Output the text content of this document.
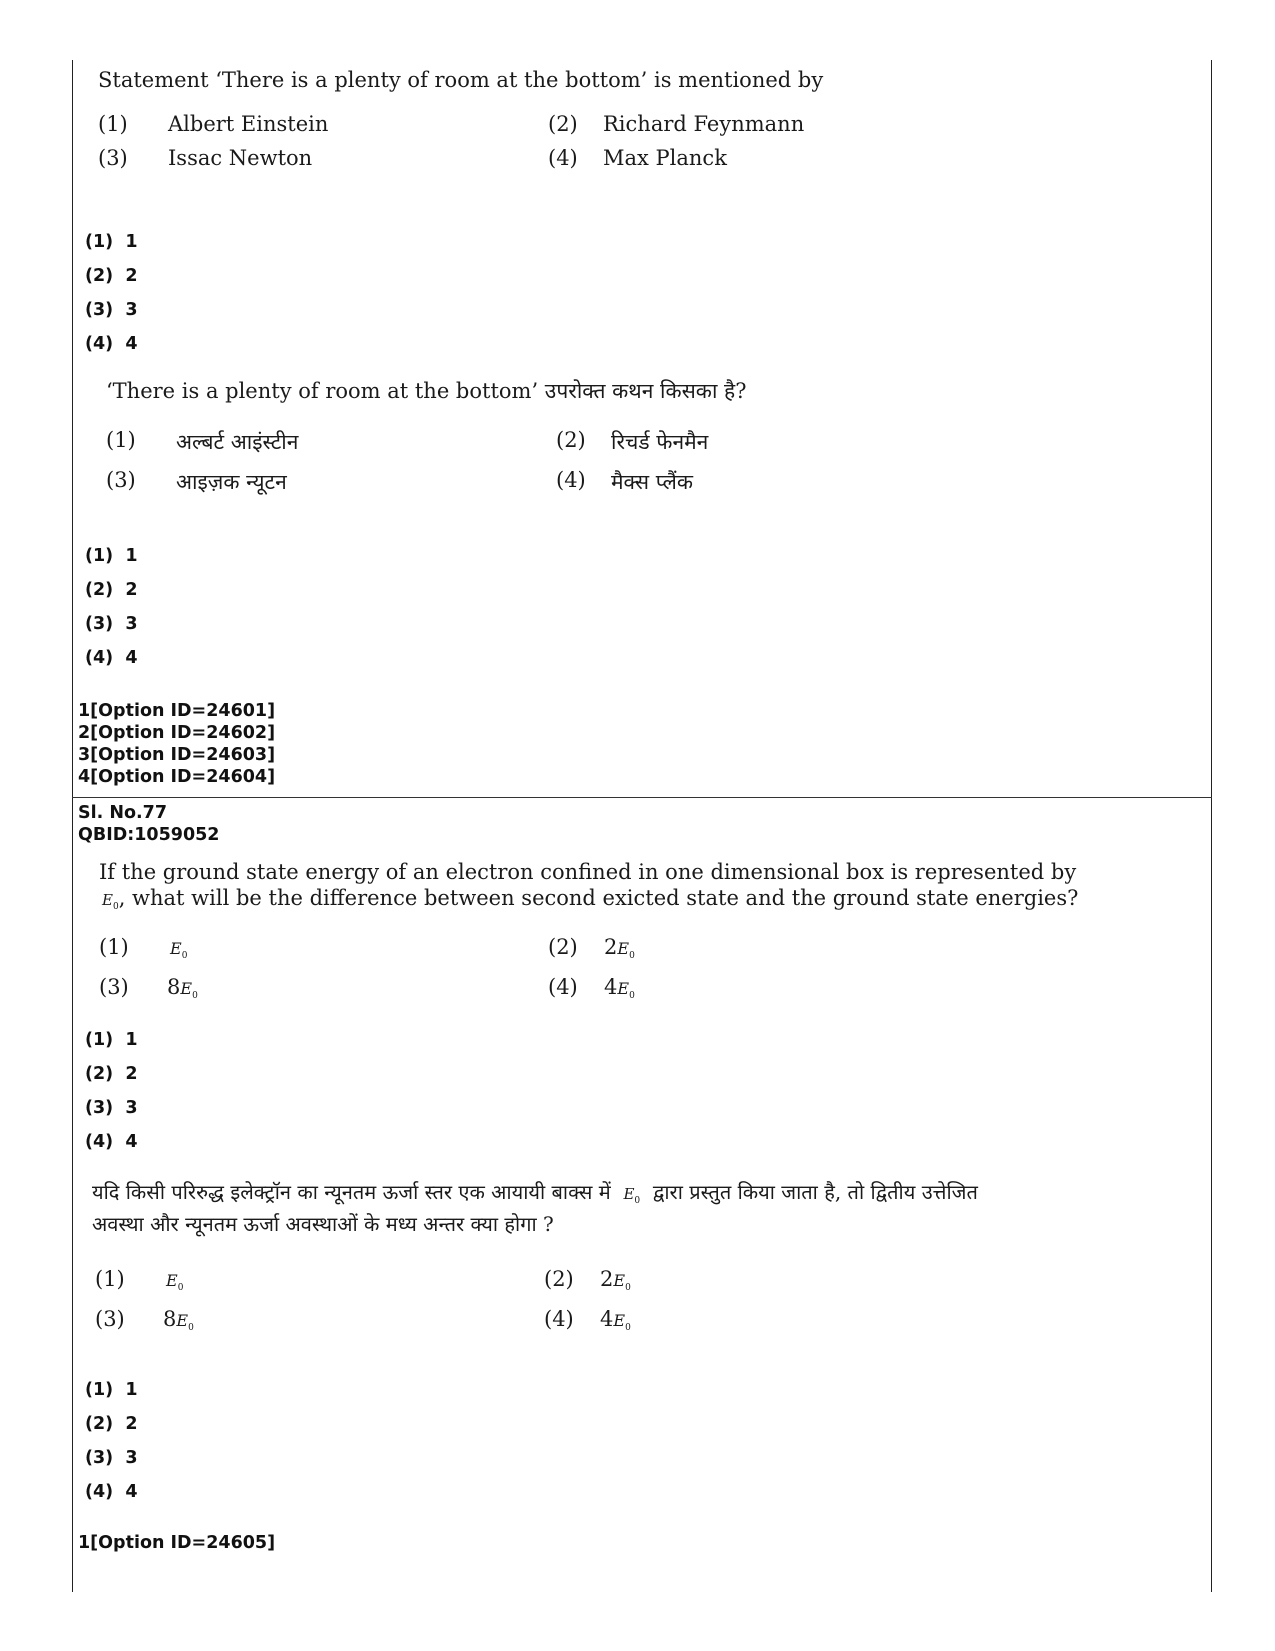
Statement ‘There is a plenty of room at the bottom’ is mentioned by
(1) Albert Einstein	(2) Richard Feynmann
(3) Issac Newton	(4) Max Planck
(1) 1
(2) 2
(3) 3
(4) 4
‘There is a plenty of room at the bottom’ उपरोक्त कथन किसका है?
(1) अल्बर्ट आइंस्टीन	(2) रिचर्ड फेनमैन
(3) आइज़क न्यूटन	(4) मैक्स प्लैंक
(1) 1
(2) 2
(3) 3
(4) 4
1[Option ID=24601]
2[Option ID=24602]
3[Option ID=24603]
4[Option ID=24604]
Sl. No.77
QBID:1059052
If the ground state energy of an electron confined in one dimensional box is represented by
E0, what will be the difference between second exicted state and the ground state energies?
(1)	E0	(2) 2E0
(3) 8E0	(4) 4E0
(1) 1
(2) 2
(3) 3
(4) 4
यदि किसी परिरुद्ध इलेक्ट्रॉन का न्यूनतम ऊर्जा स्तर एक आयायी बाक्स में $E_0$ द्वारा प्रस्तुत किया जाता है, तो द्वितीय उत्तेजित
अवस्था और न्यूनतम ऊर्जा अवस्थाओं के मध्य अन्तर क्या होगा ?
(1)	E0	(2) 2E0
(3) 8E0	(4) 4E0
(1) 1
(2) 2
(3) 3
(4) 4
1[Option ID=24605]
